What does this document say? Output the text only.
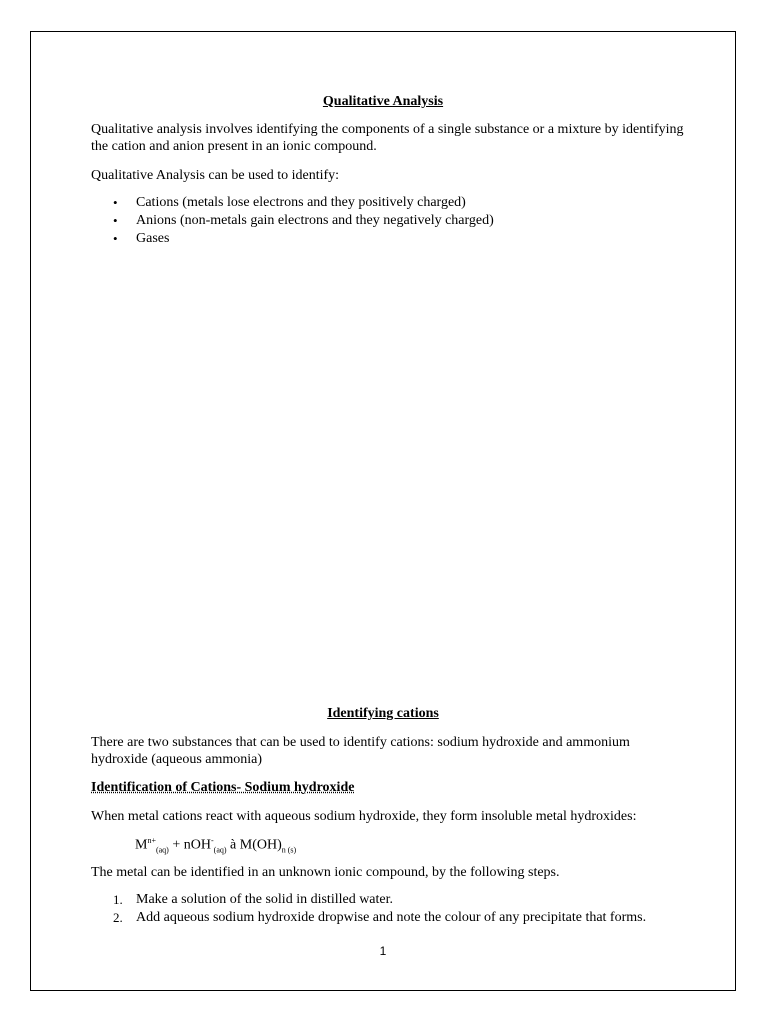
Qualitative Analysis
Qualitative analysis involves identifying the components of a single substance or a mixture by identifying
the cation and anion present in an ionic compound.
Qualitative Analysis can be used to identify:
•	Cations (metals lose electrons and they positively charged)
•	Anions (non-metals gain electrons and they negatively charged)
•	Gases
Identifying cations
There are two substances that can be used to identify cations: sodium hydroxide and ammonium
hydroxide (aqueous ammonia)
Identification of Cations- Sodium hydroxide
When metal cations react with aqueous sodium hydroxide, they form insoluble metal hydroxides:
$M^{n+}_{(aq)} + nOH^-_{(aq)}$ à $M(OH)_{n (s)}$
The metal can be identified in an unknown ionic compound, by the following steps.
1. Make a solution of the solid in distilled water.
2. Add aqueous sodium hydroxide dropwise and note the colour of any precipitate that forms.
1
